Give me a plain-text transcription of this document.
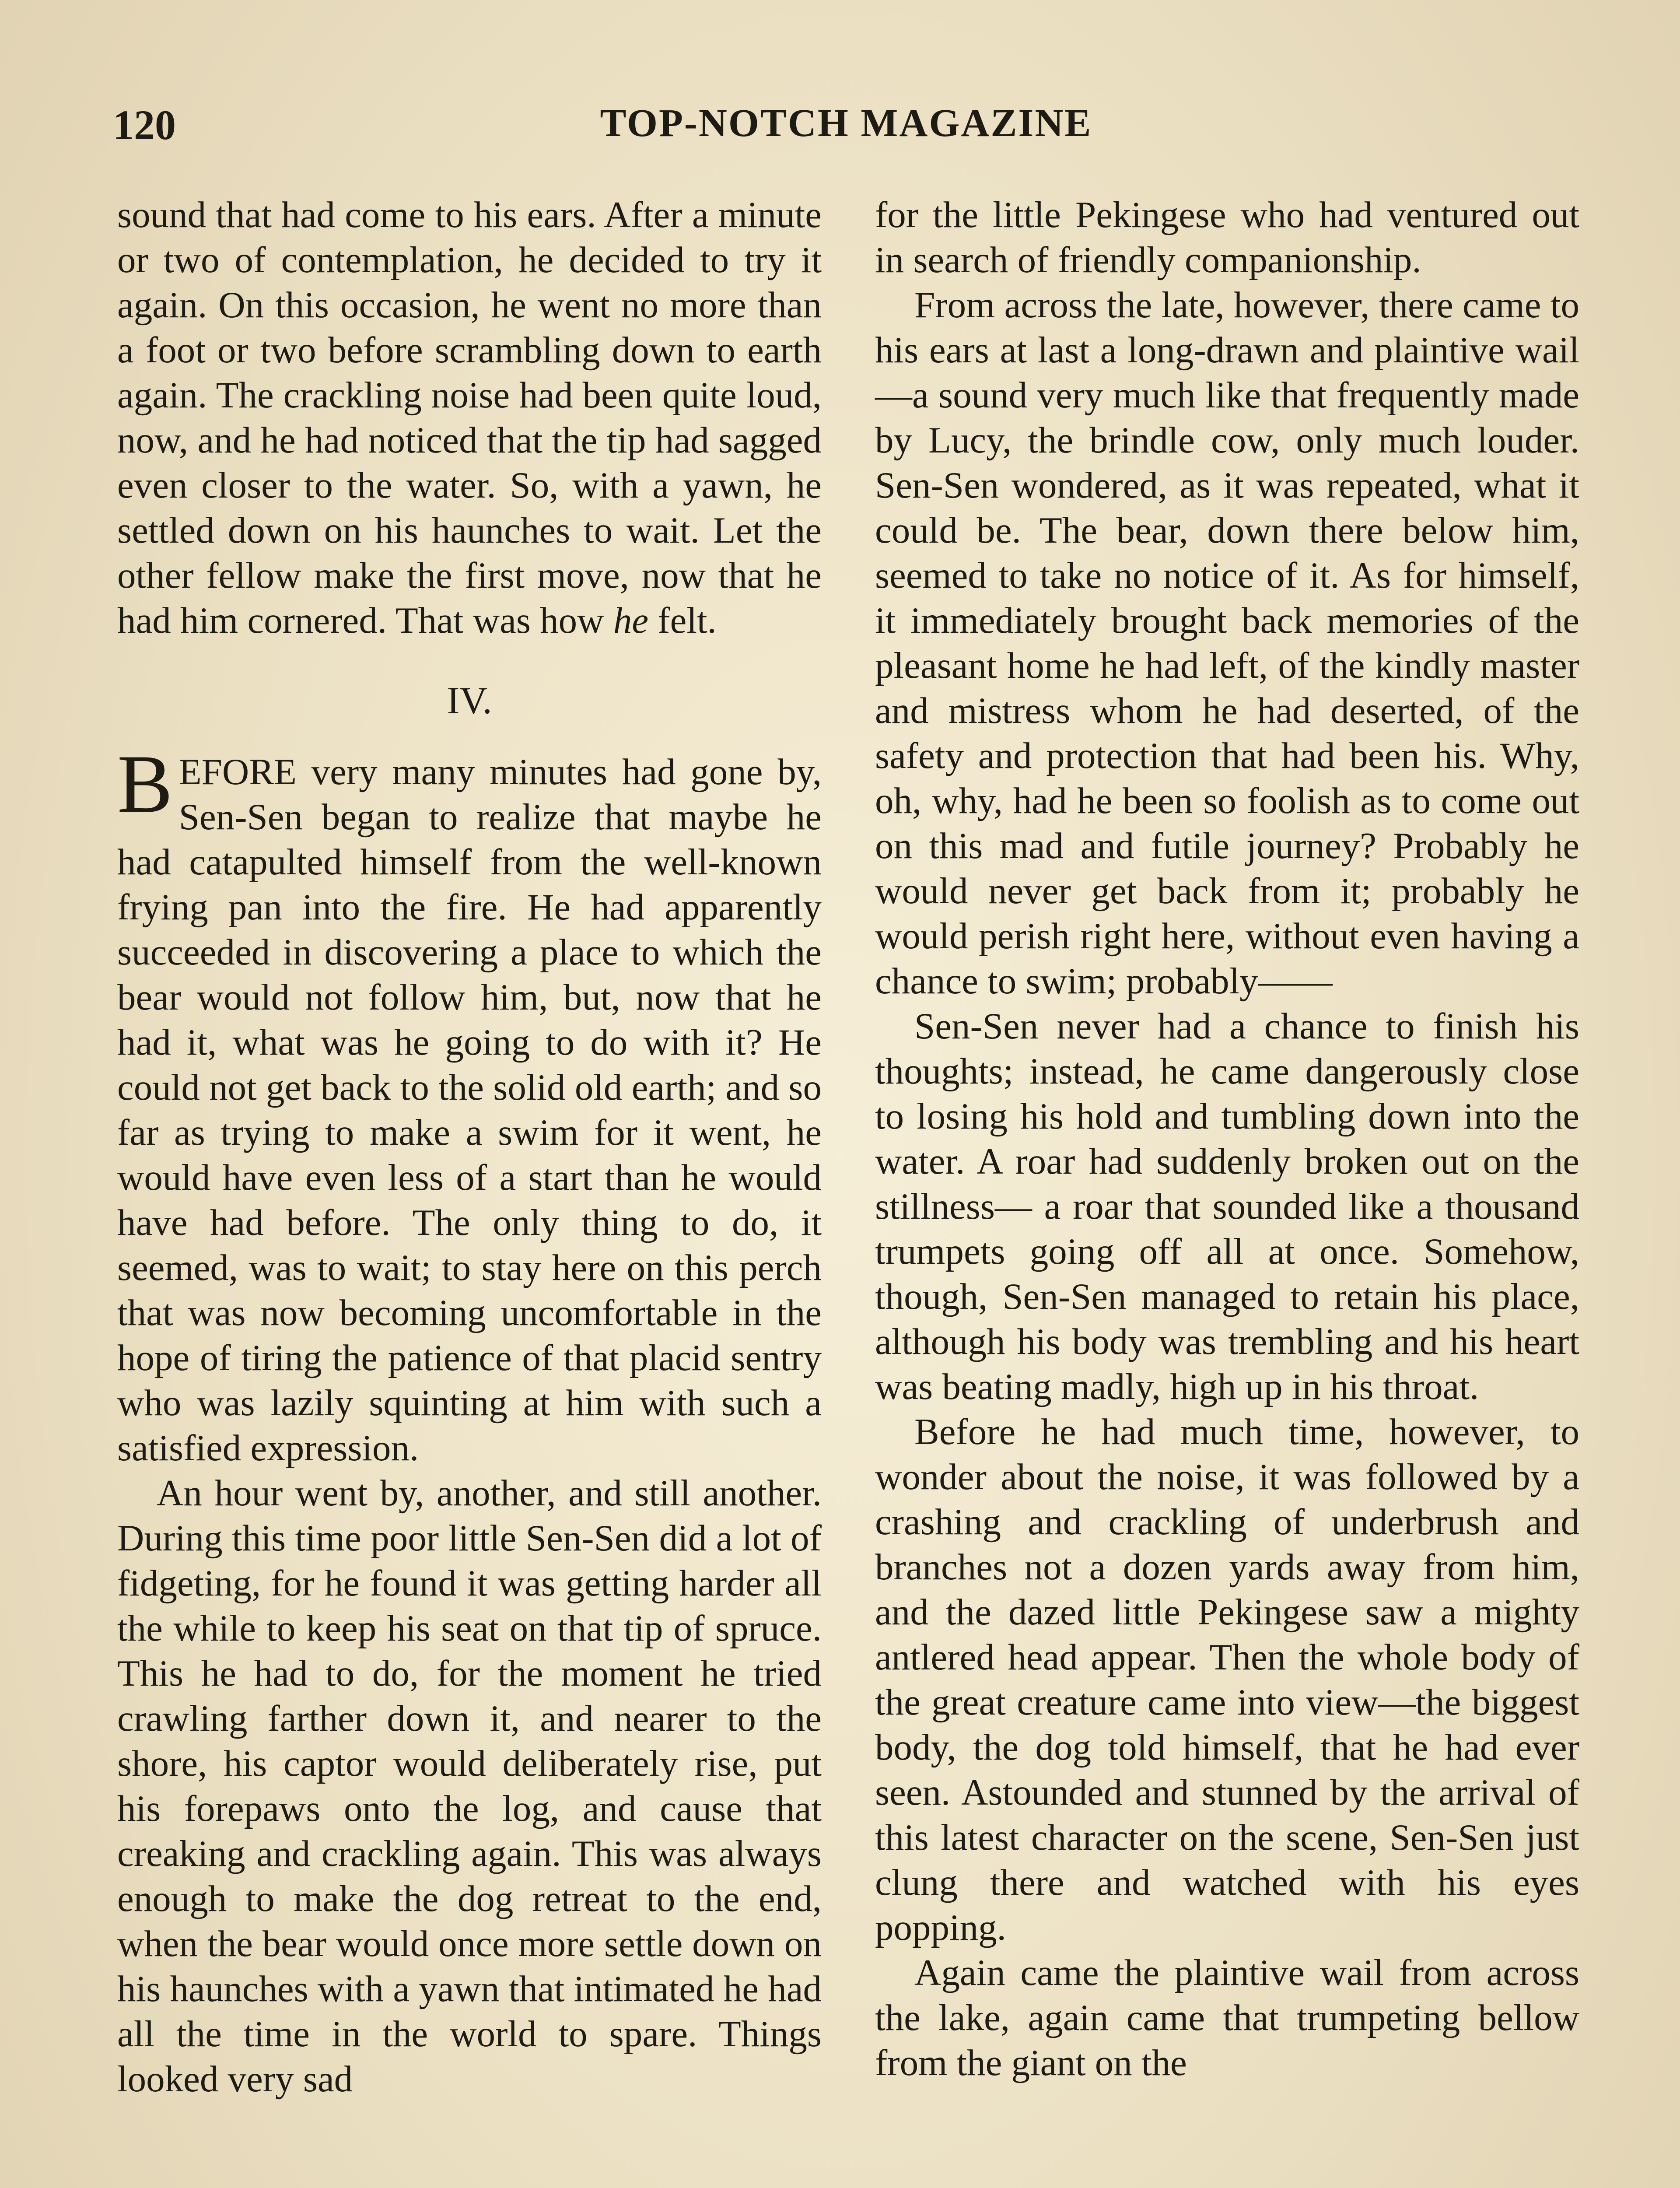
120	TOP-NOTCH MAGAZINE

sound that had come to his ears. After a minute or two of contemplation, he decided to try it again. On this occasion, he went no more than a foot or two before scrambling down to earth again. The crackling noise had been quite loud, now, and he had noticed that the tip had sagged even closer to the water. So, with a yawn, he settled down on his haunches to wait. Let the other fellow make the first move, now that he had him cornered. That was how he felt.

IV.

BEFORE very many minutes had gone by, Sen-Sen began to realize that maybe he had catapulted himself from the well-known frying pan into the fire. He had apparently succeeded in discovering a place to which the bear would not follow him, but, now that he had it, what was he going to do with it? He could not get back to the solid old earth; and so far as trying to make a swim for it went, he would have even less of a start than he would have had before. The only thing to do, it seemed, was to wait; to stay here on this perch that was now becoming uncomfortable in the hope of tiring the patience of that placid sentry who was lazily squinting at him with such a satisfied expression.

An hour went by, another, and still another. During this time poor little Sen-Sen did a lot of fidgeting, for he found it was getting harder all the while to keep his seat on that tip of spruce. This he had to do, for the moment he tried crawling farther down it, and nearer to the shore, his captor would deliberately rise, put his forepaws onto the log, and cause that creaking and crackling again. This was always enough to make the dog retreat to the end, when the bear would once more settle down on his haunches with a yawn that intimated he had all the time in the world to spare. Things looked very sad

for the little Pekingese who had ventured out in search of friendly companionship.

From across the late, however, there came to his ears at last a long-drawn and plaintive wail—a sound very much like that frequently made by Lucy, the brindle cow, only much louder. Sen-Sen wondered, as it was repeated, what it could be. The bear, down there below him, seemed to take no notice of it. As for himself, it immediately brought back memories of the pleasant home he had left, of the kindly master and mistress whom he had deserted, of the safety and protection that had been his. Why, oh, why, had he been so foolish as to come out on this mad and futile journey? Probably he would never get back from it; probably he would perish right here, without even having a chance to swim; probably——

Sen-Sen never had a chance to finish his thoughts; instead, he came dangerously close to losing his hold and tumbling down into the water. A roar had suddenly broken out on the stillness— a roar that sounded like a thousand trumpets going off all at once. Somehow, though, Sen-Sen managed to retain his place, although his body was trembling and his heart was beating madly, high up in his throat.

Before he had much time, however, to wonder about the noise, it was followed by a crashing and crackling of underbrush and branches not a dozen yards away from him, and the dazed little Pekingese saw a mighty antlered head appear. Then the whole body of the great creature came into view—the biggest body, the dog told himself, that he had ever seen. Astounded and stunned by the arrival of this latest character on the scene, Sen-Sen just clung there and watched with his eyes popping.

Again came the plaintive wail from across the lake, again came that trumpeting bellow from the giant on the
